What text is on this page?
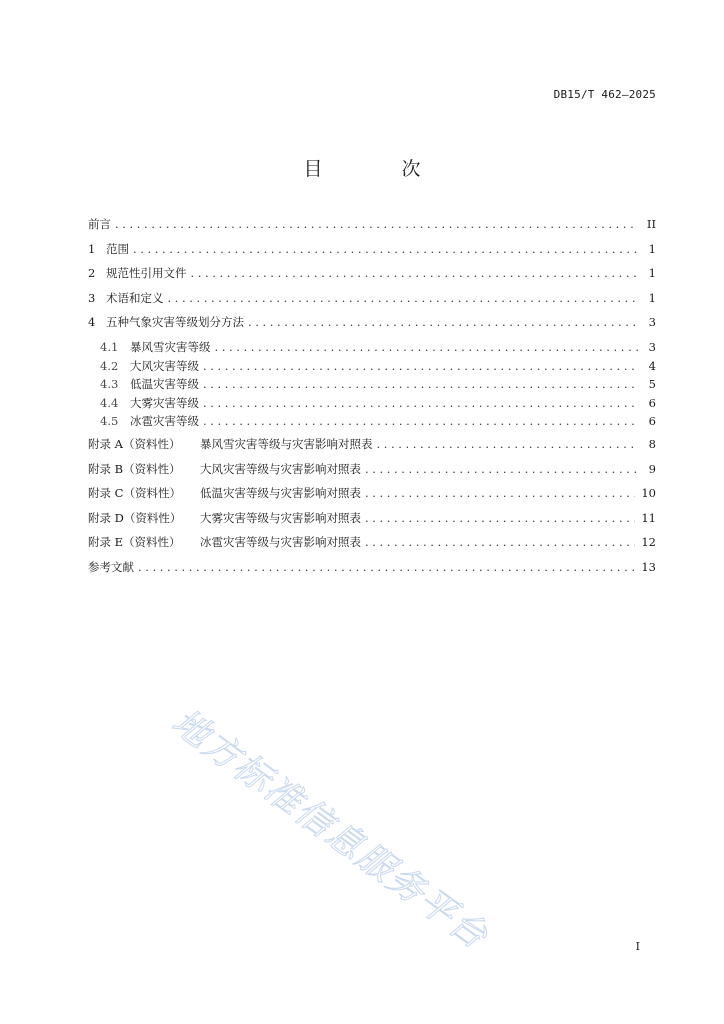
DB15/T 462—2025
目　次
前言 .....	II
1 范围 .....	1
2 规范性引用文件 .....	1
3 术语和定义 .....	1
4 五种气象灾害等级划分方法 .....	3
4.1	暴风雪灾害等级 .....	3
4.2	大风灾害等级 .....	4
4.3	低温灾害等级 .....	5
4.4	大雾灾害等级 .....	6
4.5	冰雹灾害等级 .....	6
附录 A（资料性）	暴风雪灾害等级与灾害影响对照表 .....	8
附录 B（资料性）	大风灾害等级与灾害影响对照表 .....	9
附录 C（资料性）	低温灾害等级与灾害影响对照表 .....	10
附录 D（资料性）	大雾灾害等级与灾害影响对照表 .....	11
附录 E（资料性）	冰雹灾害等级与灾害影响对照表 .....	12
参考文献 .....	13
地方标准信息服务平台	I
